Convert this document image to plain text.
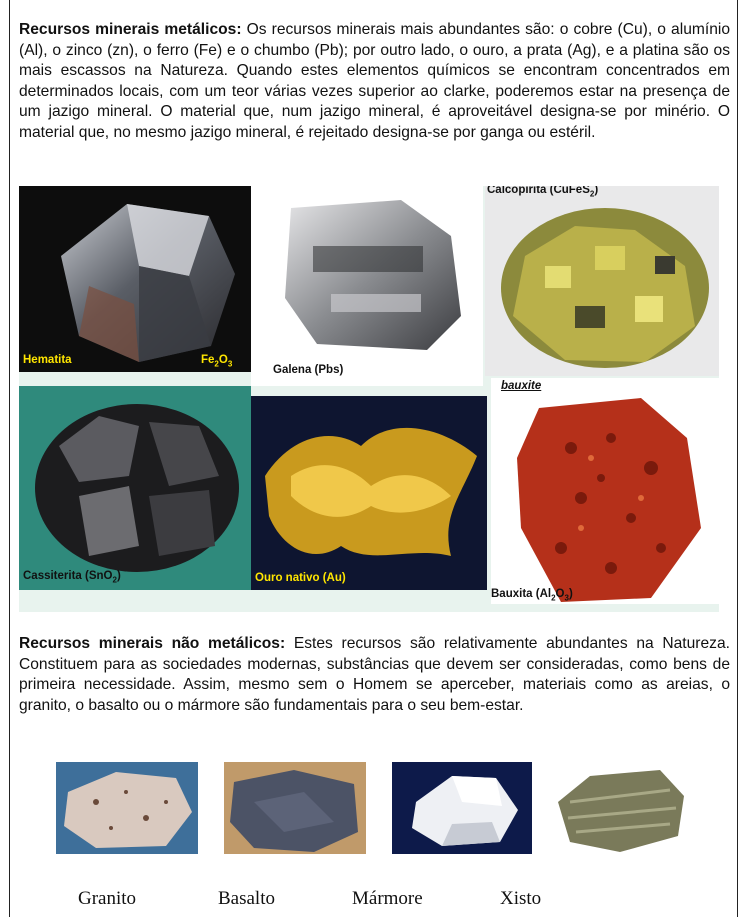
Recursos minerais metálicos: Os recursos minerais mais abundantes são: o cobre (Cu), o alumínio (Al), o zinco (zn), o ferro (Fe) e o chumbo (Pb); por outro lado, o ouro, a prata (Ag), e a platina são os mais escassos na Natureza. Quando estes elementos químicos se encontram concentrados em determinados locais, com um teor várias vezes superior ao clarke, poderemos estar na presença de um jazigo mineral. O material que, num jazigo mineral, é aproveitável designa-se por minério. O material que, no mesmo jazigo mineral, é rejeitado designa-se por ganga ou estéril.

Hematita	$Fe_2O_3$
Galena (Pbs)
Calcopirita (CuFeS$_2$)
Cassiterita (SnO$_2$)	Ouro nativo (Au)
bauxite
Bauxita $(Al_2O_3)$

Recursos minerais não metálicos: Estes recursos são relativamente abundantes na Natureza. Constituem para as sociedades modernas, substâncias que devem ser consideradas, como bens de primeira necessidade. Assim, mesmo sem o Homem se aperceber, materiais como as areias, o granito, o basalto ou o mármore são fundamentais para o seu bem-estar.

Granito	Basalto	Mármore	Xisto
